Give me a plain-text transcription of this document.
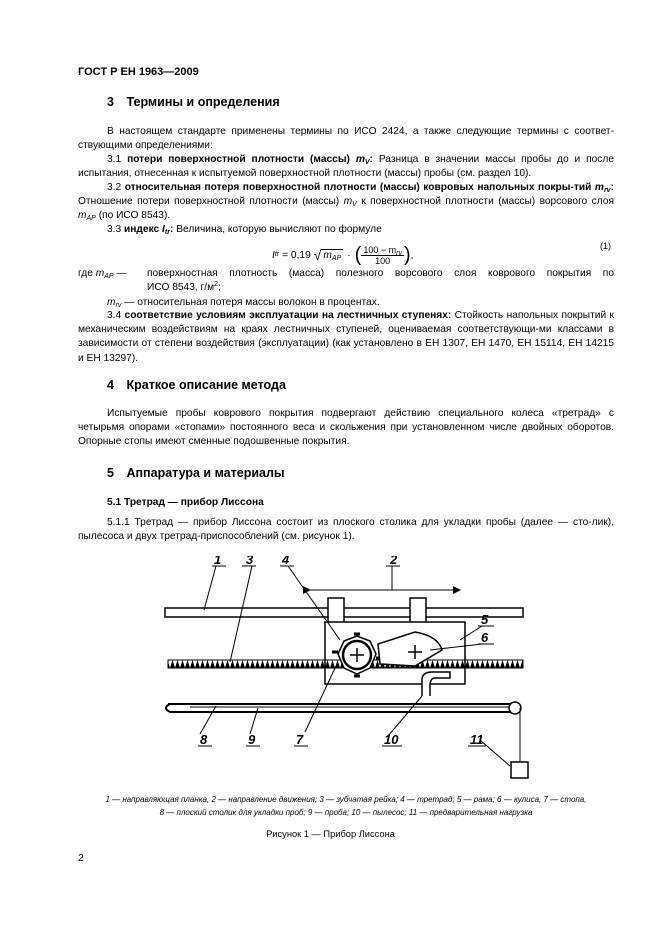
ГОСТ Р ЕН 1963—2009
3 Термины и определения
В настоящем стандарте применены термины по ИСО 2424, а также следующие термины с соответ-ствующими определениями:
3.1 потери поверхностной плотности (массы) $m_V$: Разница в значении массы пробы до и после испытания, отнесенная к испытуемой поверхностной плотности (массы) пробы (см. раздел 10).
3.2 относительная потеря поверхностной плотности (массы) ковровых напольных покры-тий $m_{rv}$: Отношение потери поверхностной плотности (массы) $m_V$ к поверхностной плотности (массы) ворсового слоя $m_{AP}$ (по ИСО 8543).
3.3 индекс $I_{tr}$: Величина, которую вычисляют по формуле
I tr = 0,19 √ $m_{AP}$ · ( $100 - m_{rv}$
100 ) ,
(1)
где $m_{AP}$ —	поверхностная плотность (масса) полезного ворсового слоя коврового покрытия по
ИСО 8543, $г/м^2$;
$m_{rv}$ — относительная потеря массы волокон в процентах.
3.4 соответствие условиям эксплуатации на лестничных ступенях: Стойкость напольных покрытий к механическим воздействиям на краях лестничных ступеней, оцениваемая соответствующи-ми классами в зависимости от степени воздействия (эксплуатации) (как установлено в ЕН 1307, ЕН 1470, ЕН 15114, ЕН 14215 и ЕН 13297).
4 Краткое описание метода
Испытуемые пробы коврового покрытия подвергают действию специального колеса «третрад» с четырьмя опорами «стопами» постоянного веса и скольжения при установленном числе двойных оборотов. Опорные стопы имеют сменные подошвенные покрытия.
5 Аппаратура и материалы
5.1 Третрад — прибор Лиссона
5.1.1 Третрад — прибор Лиссона состоит из плоского столика для укладки пробы (далее — сто-лик), пылесоса и двух третрад-приспособлений (см. рисунок 1).
1	2
3 4
5
6
7
8	9	10	11
1 — направляющая планка, 2 — направление движения; 3 — зубчатая рейка; 4 — третрад; 5 — рама; 6 — кулиса, 7 — стопа,
8 — плоский столик для укладки проб; 9 — проба; 10 — пылесос; 11 — предварительная нагрузка
Рисунок 1 — Прибор Лиссона
2
